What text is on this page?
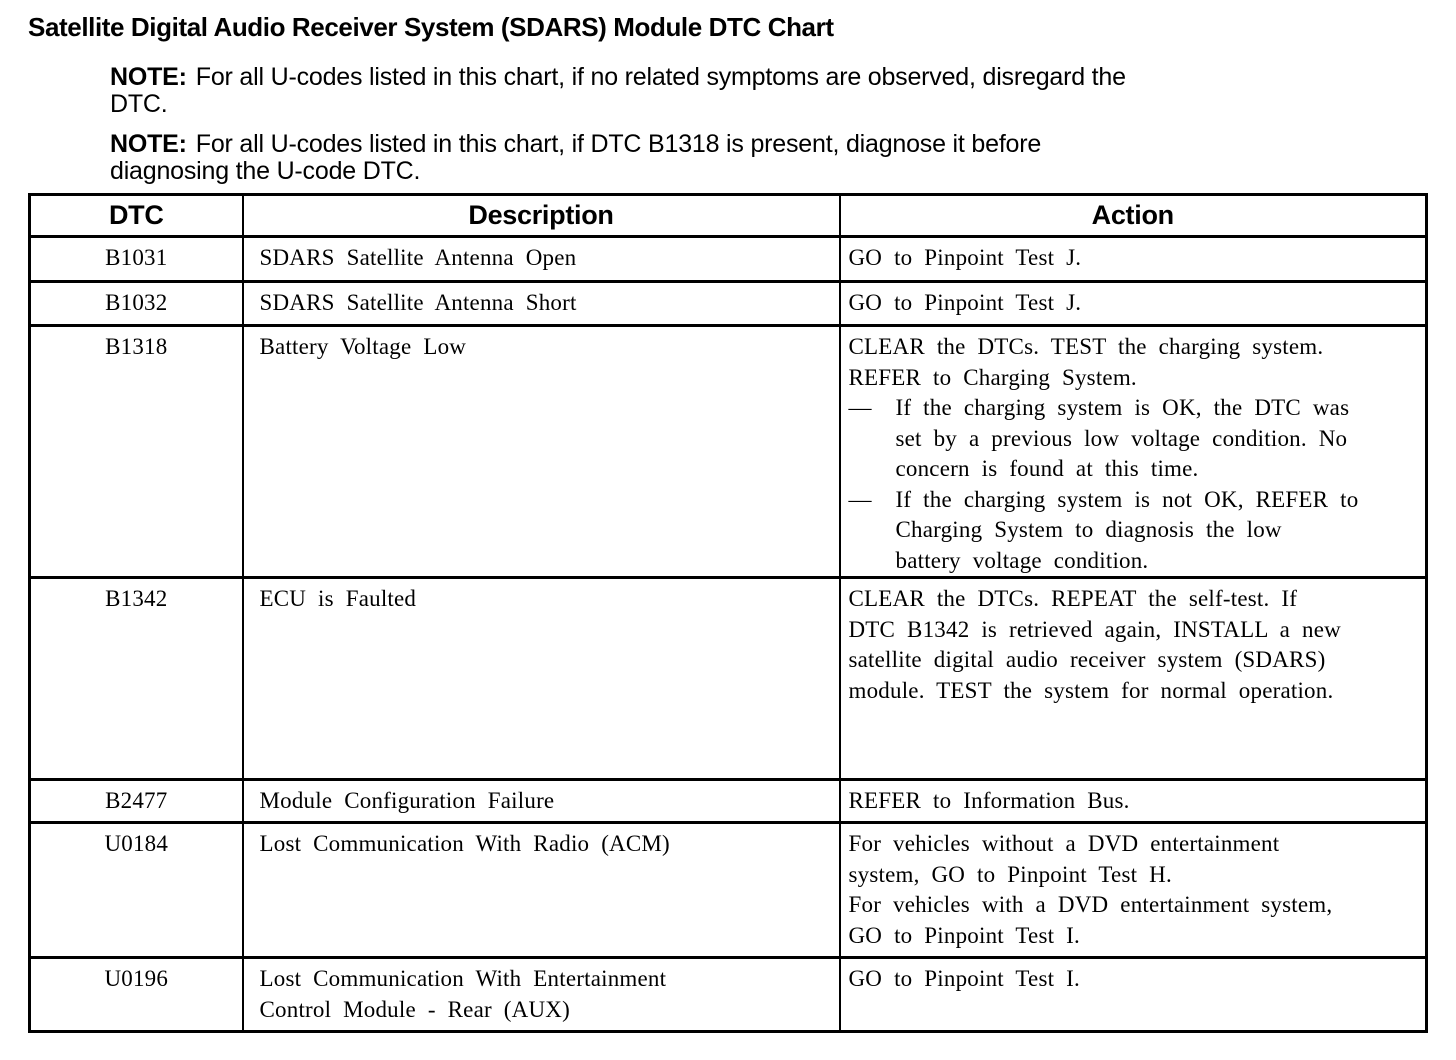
Satellite Digital Audio Receiver System (SDARS) Module DTC Chart
NOTE: For all U-codes listed in this chart, if no related symptoms are observed, disregard the
DTC.
NOTE: For all U-codes listed in this chart, if DTC B1318 is present, diagnose it before
diagnosing the U-code DTC.
DTC	Description	Action
B1031	SDARS Satellite Antenna Open	GO to Pinpoint Test J.

B1032	SDARS Satellite Antenna Short	GO to Pinpoint Test J.

B1318	Battery Voltage Low	CLEAR the DTCs. TEST the charging system.
REFER to Charging System.
—	If the charging system is OK, the DTC was
set by a previous low voltage condition. No
concern is found at this time.
—	If the charging system is not OK, REFER to
Charging System to diagnosis the low
battery voltage condition.

B1342	ECU is Faulted	CLEAR the DTCs. REPEAT the self-test. If
DTC B1342 is retrieved again, INSTALL a new
satellite digital audio receiver system (SDARS)
module. TEST the system for normal operation.

B2477	Module Configuration Failure	REFER to Information Bus.

U0184	Lost Communication With Radio (ACM)	For vehicles without a DVD entertainment
system, GO to Pinpoint Test H.
For vehicles with a DVD entertainment system,
GO to Pinpoint Test I.

U0196	Lost Communication With Entertainment
Control Module - Rear (AUX)	GO to Pinpoint Test I.
